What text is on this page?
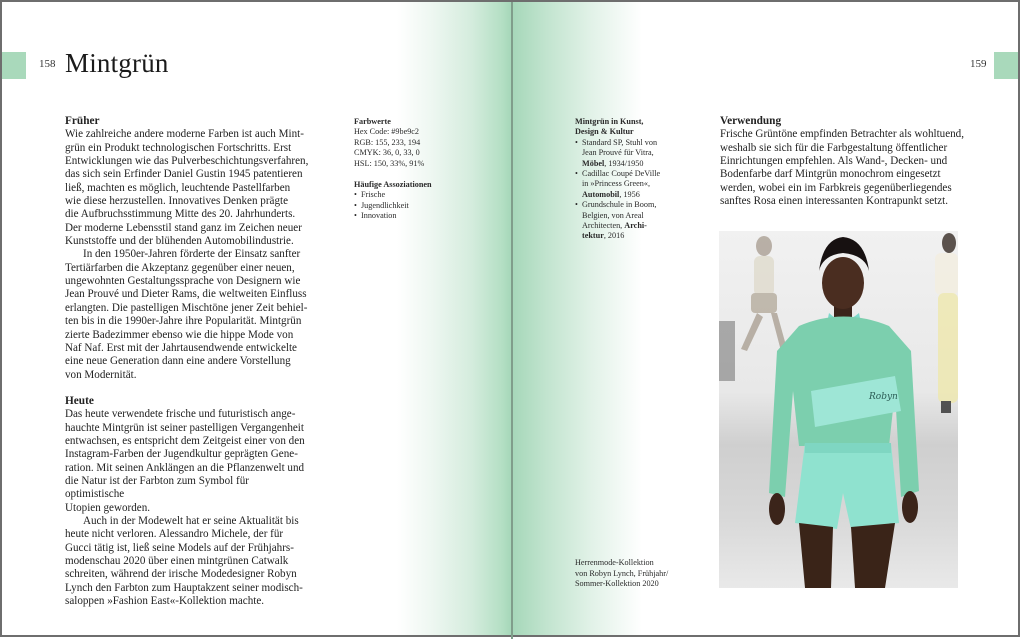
158 Mintgrün
Früher

Wie zahlreiche andere moderne Farben ist auch Mint-
grün ein Produkt technologischen Fortschritts. Erst
Entwicklungen wie das Pulverbeschichtungsverfahren,
das sich sein Erfinder Daniel Gustin 1945 patentieren
ließ, machten es möglich, leuchtende Pastellfarben
wie diese herzustellen. Innovatives Denken prägte
die Aufbruchsstimmung Mitte des 20. Jahrhunderts.
Der moderne Lebensstil stand ganz im Zeichen neuer
Kunststoffe und der blühenden Automobilindustrie.

In den 1950er-Jahren förderte der Einsatz sanfter
Tertiärfarben die Akzeptanz gegenüber einer neuen,
ungewohnten Gestaltungssprache von Designern wie
Jean Prouvé und Dieter Rams, die weltweiten Einfluss
erlangten. Die pastelligen Mischtöne jener Zeit behiel-
ten bis in die 1990er-Jahre ihre Popularität. Mintgrün
zierte Badezimmer ebenso wie die hippe Mode von
Naf Naf. Erst mit der Jahrtausendwende entwickelte
eine neue Generation dann eine andere Vorstellung
von Modernität.

Heute

Das heute verwendete frische und futuristisch ange-
hauchte Mintgrün ist seiner pastelligen Vergangenheit
entwachsen, es entspricht dem Zeitgeist einer von den
Instagram-Farben der Jugendkultur geprägten Gene-
ration. Mit seinen Anklängen an die Pflanzenwelt und
die Natur ist der Farbton zum Symbol für optimistische
Utopien geworden.

Auch in der Modewelt hat er seine Aktualität bis
heute nicht verloren. Alessandro Michele, der für
Gucci tätig ist, ließ seine Models auf der Frühjahrs-
modenschau 2020 über einen mintgrünen Catwalk
schreiten, während der irische Modedesigner Robyn
Lynch den Farbton zum Hauptakzent seiner modisch-
saloppen »Fashion East«-Kollektion machte.

Farbwerte
Hex Code: #9be9c2
RGB: 155, 233, 194
CMYK: 36, 0, 33, 0
HSL: 150, 33%, 91%
Häufige Assoziationen
• Frische
• Jugendlichkeit
• Innovation
159
Mintgrün in Kunst,
Design & Kultur
• Standard SP, Stuhl von
Jean Prouvé für Vitra,
Möbel, 1934/1950
• Cadillac Coupé DeVille
in »Princess Green«,
Automobil, 1956
• Grundschule in Boom,
Belgien, von Areal
Architecten, Archi-
tektur, 2016
Verwendung

Frische Grüntöne empfinden Betrachter als wohltuend,
weshalb sie sich für die Farbgestaltung öffentlicher
Einrichtungen empfehlen. Als Wand-, Decken- und
Bodenfarbe darf Mintgrün monochrom eingesetzt
werden, wobei ein im Farbkreis gegenüberliegendes
sanftes Rosa einen interessanten Kontrapunkt setzt.

Herrenmode-Kollektion
von Robyn Lynch, Frühjahr/
Sommer-Kollektion 2020
Robyn
